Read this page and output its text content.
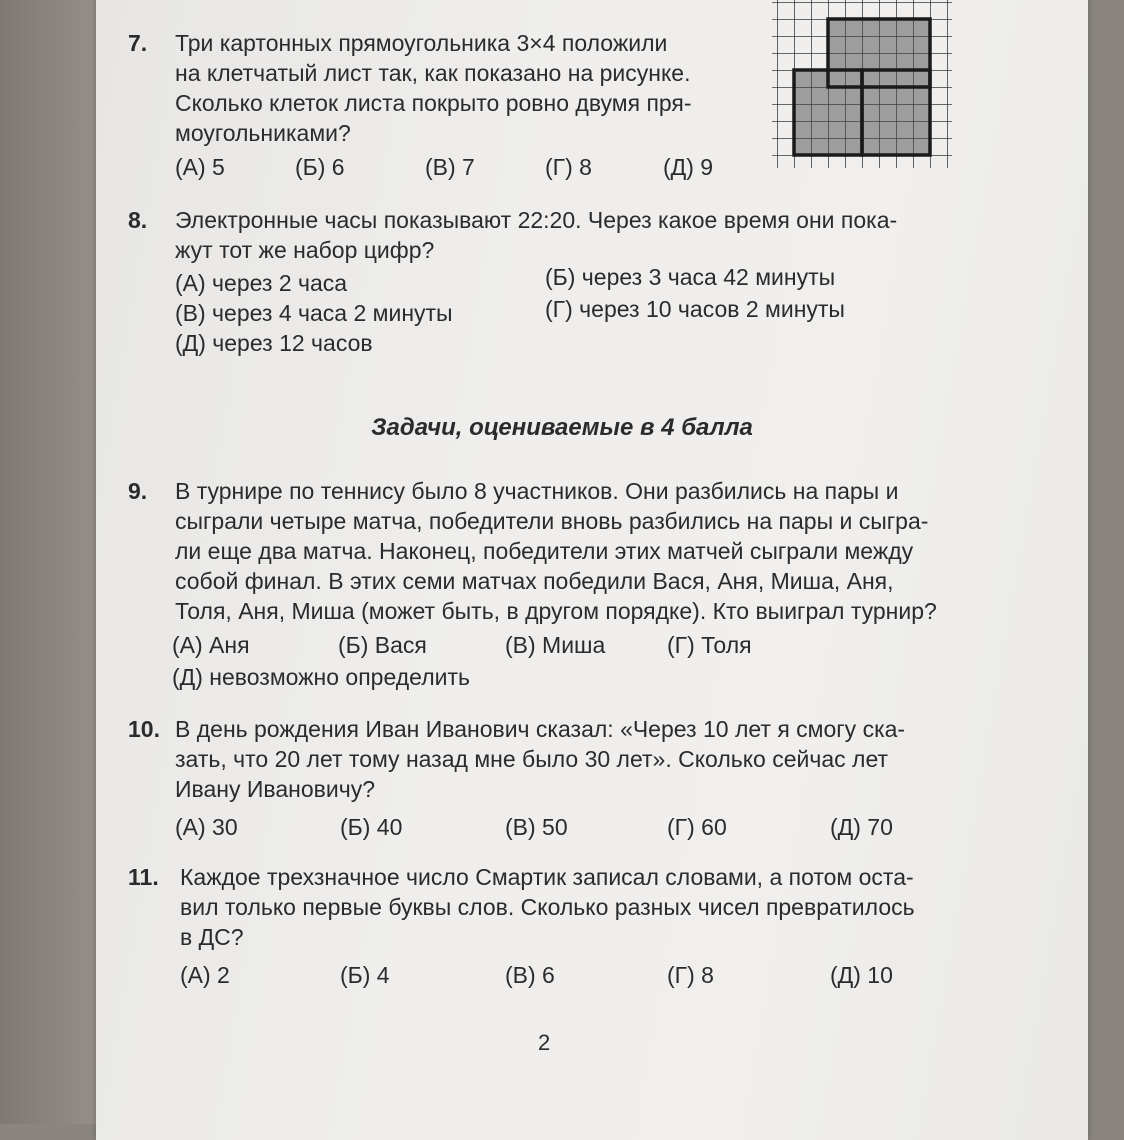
7. Три картонных прямоугольника 3×4 положили
на клетчатый лист так, как показано на рисунке.
Сколько клеток листа покрыто ровно двумя пря-
моугольниками?
(А) 5	(Б) 6	(В) 7	(Г) 8	(Д) 9
8. Электронные часы показывают 22:20. Через какое время они пока-
жут тот же набор цифр?
(А) через 2 часа	(Б) через 3 часа 42 минуты
(В) через 4 часа 2 минуты	(Г) через 10 часов 2 минуты
(Д) через 12 часов
Задачи, оцениваемые в 4 балла
9. В турнире по теннису было 8 участников. Они разбились на пары и
сыграли четыре матча, победители вновь разбились на пары и сыгра-
ли еще два матча. Наконец, победители этих матчей сыграли между
собой финал. В этих семи матчах победили Вася, Аня, Миша, Аня,
Толя, Аня, Миша (может быть, в другом порядке). Кто выиграл турнир?
(А) Аня	(Б) Вася	(В) Миша	(Г) Толя
(Д) невозможно определить
10. В день рождения Иван Иванович сказал: «Через 10 лет я смогу ска-
зать, что 20 лет тому назад мне было 30 лет». Сколько сейчас лет
Ивану Ивановичу?
(А) 30	(Б) 40	(В) 50	(Г) 60	(Д) 70
11. Каждое трехзначное число Смартик записал словами, а потом оста-
вил только первые буквы слов. Сколько разных чисел превратилось
в ДС?
(А) 2	(Б) 4	(В) 6	(Г) 8	(Д) 10
2
